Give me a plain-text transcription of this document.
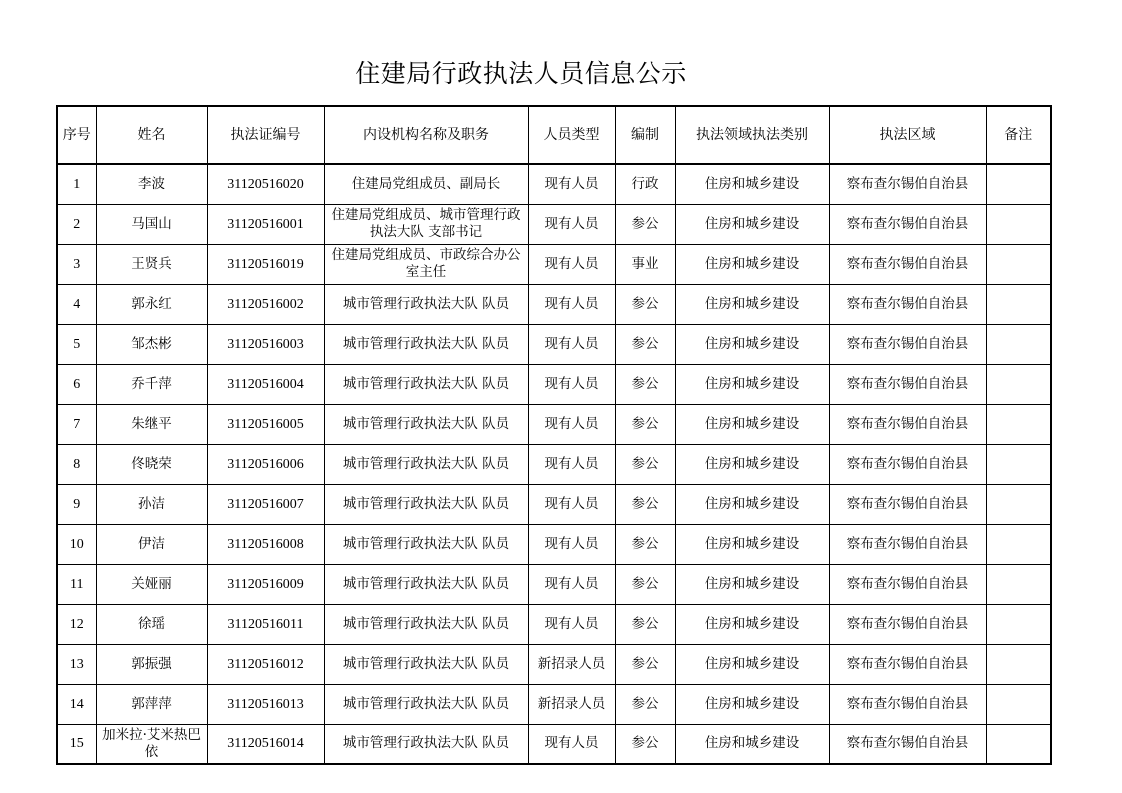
住建局行政执法人员信息公示
序号	姓名	执法证编号	内设机构名称及职务	人员类型	编制	执法领域执法类别	执法区域	备注
1	李波	31120516020	住建局党组成员、副局长	现有人员	行政	住房和城乡建设	察布查尔锡伯自治县	
2	马国山	31120516001	住建局党组成员、城市管理行政执法大队 支部书记	现有人员	参公	住房和城乡建设	察布查尔锡伯自治县	
3	王贤兵	31120516019	住建局党组成员、市政综合办公室主任	现有人员	事业	住房和城乡建设	察布查尔锡伯自治县	
4	郭永红	31120516002	城市管理行政执法大队 队员	现有人员	参公	住房和城乡建设	察布查尔锡伯自治县	
5	邹杰彬	31120516003	城市管理行政执法大队 队员	现有人员	参公	住房和城乡建设	察布查尔锡伯自治县	
6	乔千萍	31120516004	城市管理行政执法大队 队员	现有人员	参公	住房和城乡建设	察布查尔锡伯自治县	
7	朱继平	31120516005	城市管理行政执法大队 队员	现有人员	参公	住房和城乡建设	察布查尔锡伯自治县	
8	佟晓荣	31120516006	城市管理行政执法大队 队员	现有人员	参公	住房和城乡建设	察布查尔锡伯自治县	
9	孙洁	31120516007	城市管理行政执法大队 队员	现有人员	参公	住房和城乡建设	察布查尔锡伯自治县	
10	伊洁	31120516008	城市管理行政执法大队 队员	现有人员	参公	住房和城乡建设	察布查尔锡伯自治县	
11	关娅丽	31120516009	城市管理行政执法大队 队员	现有人员	参公	住房和城乡建设	察布查尔锡伯自治县	
12	徐瑶	31120516011	城市管理行政执法大队 队员	现有人员	参公	住房和城乡建设	察布查尔锡伯自治县	
13	郭振强	31120516012	城市管理行政执法大队 队员	新招录人员	参公	住房和城乡建设	察布查尔锡伯自治县	
14	郭萍萍	31120516013	城市管理行政执法大队 队员	新招录人员	参公	住房和城乡建设	察布查尔锡伯自治县	
15	加米拉·艾米热巴依	31120516014	城市管理行政执法大队 队员	现有人员	参公	住房和城乡建设	察布查尔锡伯自治县	
